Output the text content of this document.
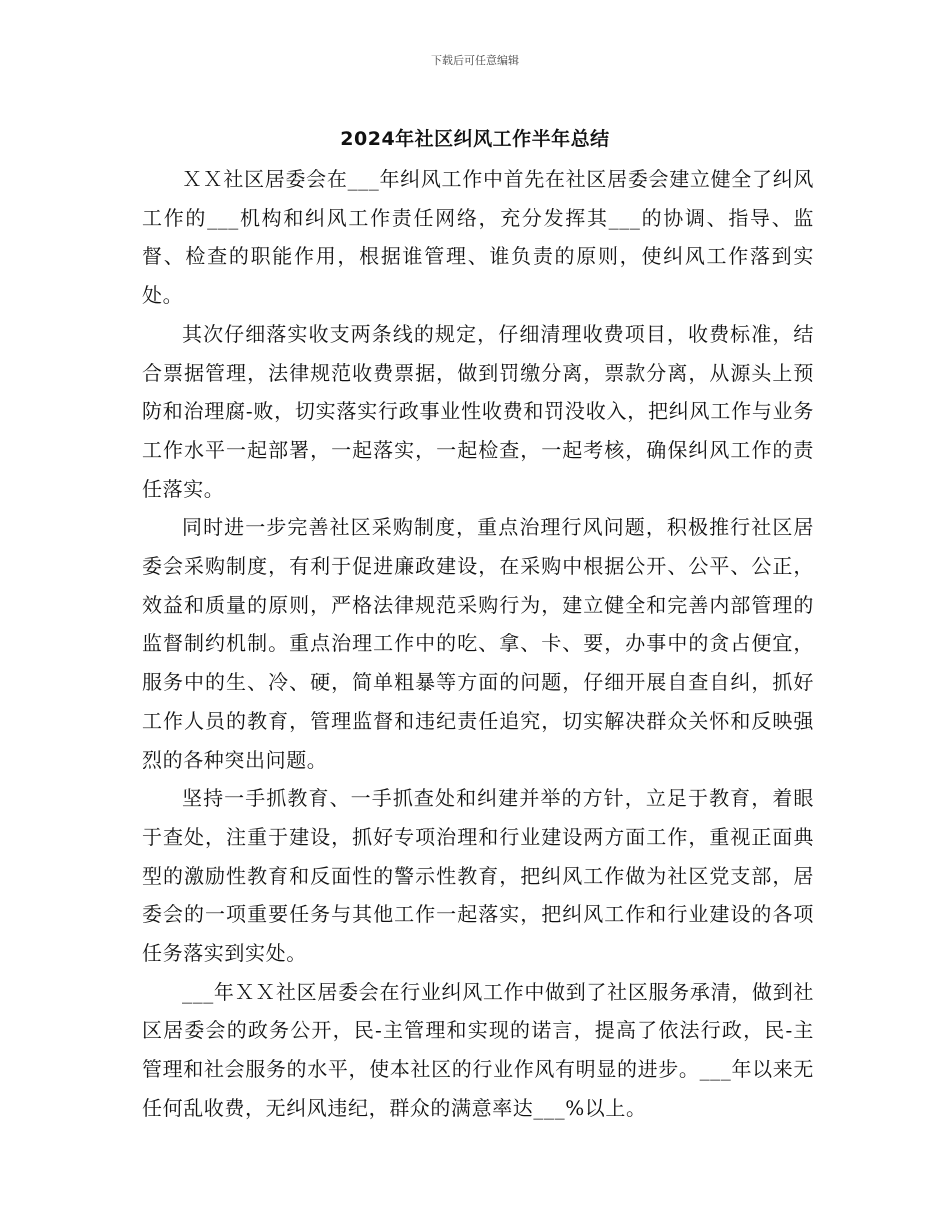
下载后可任意编辑
2024年社区纠风工作半年总结

ＸＸ社区居委会在___年纠风工作中首先在社区居委会建立健全了纠风工作的___机构和纠风工作责任网络，充分发挥其___的协调、指导、监督、检查的职能作用，根据谁管理、谁负责的原则，使纠风工作落到实处。

其次仔细落实收支两条线的规定，仔细清理收费项目，收费标准，结合票据管理，法律规范收费票据，做到罚缴分离，票款分离，从源头上预防和治理腐-败，切实落实行政事业性收费和罚没收入，把纠风工作与业务工作水平一起部署，一起落实，一起检查，一起考核，确保纠风工作的责任落实。

同时进一步完善社区采购制度，重点治理行风问题，积极推行社区居委会采购制度，有利于促进廉政建设，在采购中根据公开、公平、公正，效益和质量的原则，严格法律规范采购行为，建立健全和完善内部管理的监督制约机制。重点治理工作中的吃、拿、卡、要，办事中的贪占便宜，服务中的生、冷、硬，简单粗暴等方面的问题，仔细开展自查自纠，抓好工作人员的教育，管理监督和违纪责任追究，切实解决群众关怀和反映强烈的各种突出问题。

坚持一手抓教育、一手抓查处和纠建并举的方针，立足于教育，着眼于查处，注重于建设，抓好专项治理和行业建设两方面工作，重视正面典型的激励性教育和反面性的警示性教育，把纠风工作做为社区党支部，居委会的一项重要任务与其他工作一起落实，把纠风工作和行业建设的各项任务落实到实处。

___年ＸＸ社区居委会在行业纠风工作中做到了社区服务承清，做到社区居委会的政务公开，民-主管理和实现的诺言，提高了依法行政，民-主管理和社会服务的水平，使本社区的行业作风有明显的进步。___年以来无任何乱收费，无纠风违纪，群众的满意率达___%以上。
